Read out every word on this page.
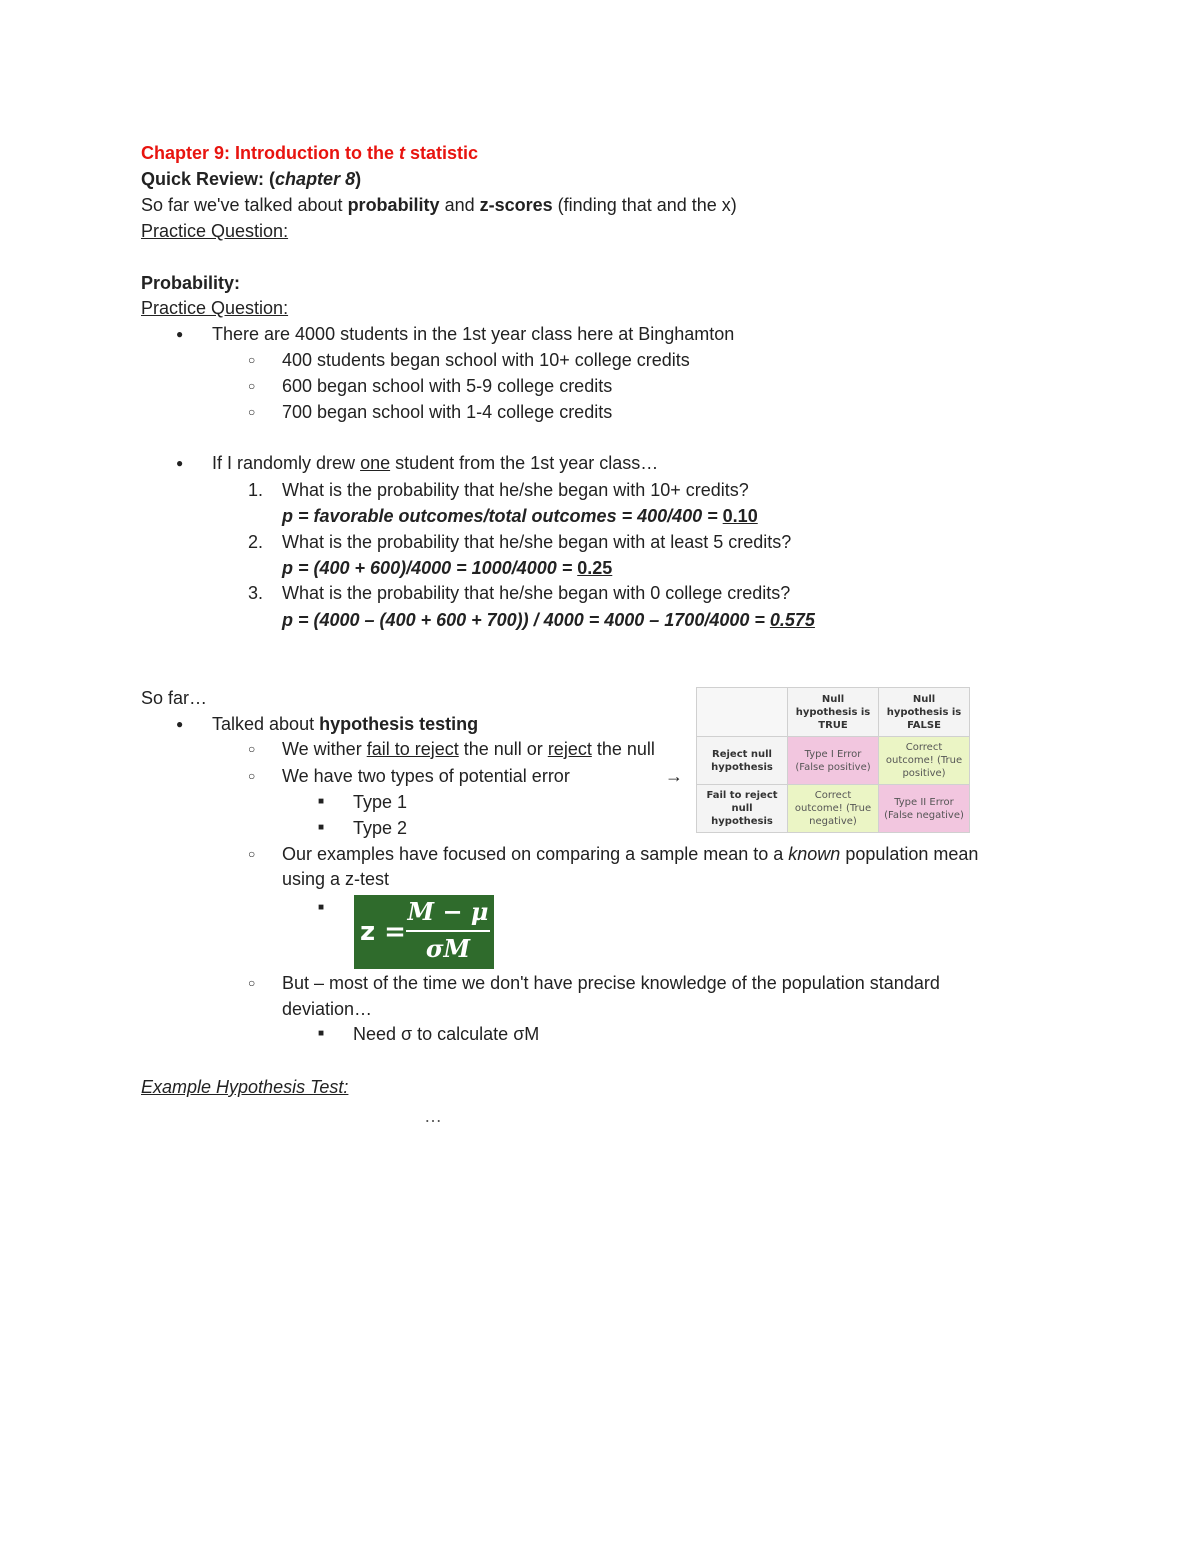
Chapter 9: Introduction to the t statistic
Quick Review: (chapter 8)
So far we've talked about probability and z-scores (finding that and the x)
Practice Question:
Probability:
Practice Question:
● There are 4000 students in the 1st year class here at Binghamton
○ 400 students began school with 10+ college credits
○ 600 began school with 5-9 college credits
○ 700 began school with 1-4 college credits
● If I randomly drew one student from the 1st year class…
1. What is the probability that he/she began with 10+ credits?
p = favorable outcomes/total outcomes = 400/400 = 0.10
2. What is the probability that he/she began with at least 5 credits?
p = (400 + 600)/4000 = 1000/4000 = 0.25
3. What is the probability that he/she began with 0 college credits?
p = (4000 – (400 + 600 + 700)) / 4000 = 4000 – 1700/4000 = 0.575
So far…
● Talked about hypothesis testing
○ We wither fail to reject the null or reject the null
○ We have two types of potential error	→
■ Type 1
■ Type 2
○ Our examples have focused on comparing a sample mean to a known population mean
using a z-test
■
z =
M − μ
σM
○ But – most of the time we don't have precise knowledge of the population standard
deviation…
■ Need σ to calculate σM
	Null hypothesis is TRUE	Null hypothesis is FALSE
Reject null hypothesis	Type I Error (False positive)	Correct outcome! (True positive)
Fail to reject null hypothesis	Correct outcome! (True negative)	Type II Error (False negative)
Example Hypothesis Test:
…
